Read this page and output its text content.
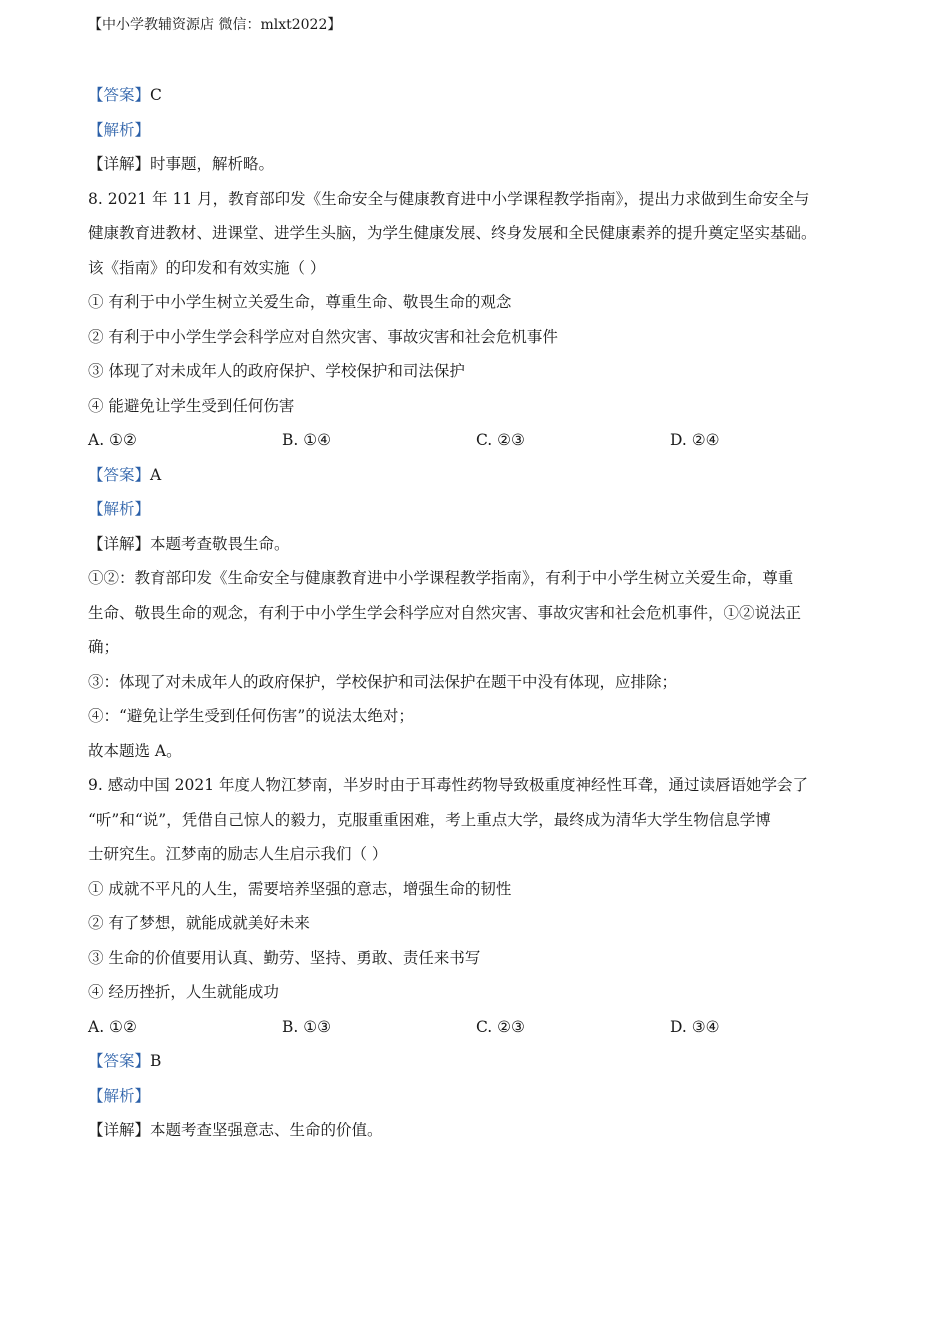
【中小学教辅资源店 微信：mlxt2022】

【答案】C

【解析】

【详解】时事题，解析略。

8. 2021 年 11 月，教育部印发《生命安全与健康教育进中小学课程教学指南》，提出力求做到生命安全与

健康教育进教材、进课堂、进学生头脑，为学生健康发展、终身发展和全民健康素养的提升奠定坚实基础。

该《指南》的印发和有效实施（ ）

① 有利于中小学生树立关爱生命，尊重生命、敬畏生命的观念

② 有利于中小学生学会科学应对自然灾害、事故灾害和社会危机事件

③ 体现了对未成年人的政府保护、学校保护和司法保护

④ 能避免让学生受到任何伤害

A. ①②	B. ①④	C. ②③	D. ②④

【答案】A

【解析】

【详解】本题考查敬畏生命。

①②：教育部印发《生命安全与健康教育进中小学课程教学指南》，有利于中小学生树立关爱生命，尊重

生命、敬畏生命的观念，有利于中小学生学会科学应对自然灾害、事故灾害和社会危机事件，①②说法正

确；

③：体现了对未成年人的政府保护，学校保护和司法保护在题干中没有体现，应排除；

④：“避免让学生受到任何伤害”的说法太绝对；

故本题选 A。

9. 感动中国 2021 年度人物江梦南，半岁时由于耳毒性药物导致极重度神经性耳聋，通过读唇语她学会了

“听”和“说”，凭借自己惊人的毅力，克服重重困难，考上重点大学，最终成为清华大学生物信息学博

士研究生。江梦南的励志人生启示我们（ ）

① 成就不平凡的人生，需要培养坚强的意志，增强生命的韧性

② 有了梦想，就能成就美好未来

③ 生命的价值要用认真、勤劳、坚持、勇敢、责任来书写

④ 经历挫折，人生就能成功

A. ①②	B. ①③	C. ②③	D. ③④

【答案】B

【解析】

【详解】本题考查坚强意志、生命的价值。
